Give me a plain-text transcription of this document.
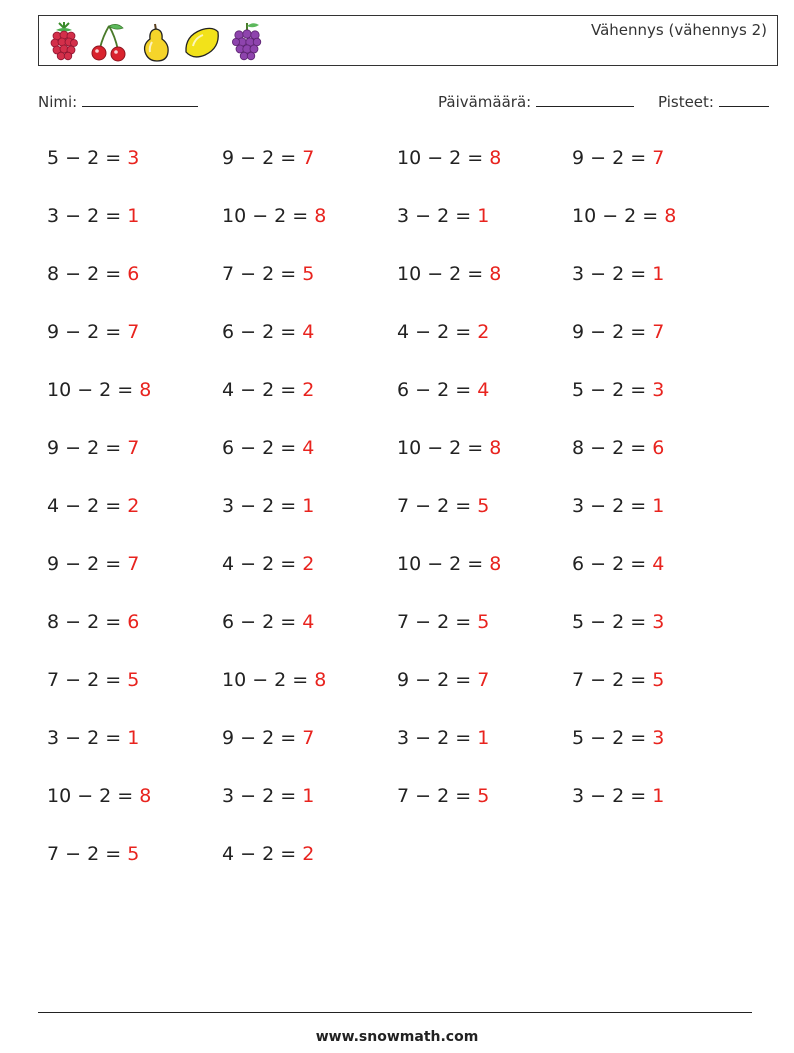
Vähennys (vähennys 2)
Nimi:	Päivämäärä:	Pisteet:
5 − 2 = 3	9 − 2 = 7	10 − 2 = 8	9 − 2 = 7
3 − 2 = 1	10 − 2 = 8	3 − 2 = 1	10 − 2 = 8
8 − 2 = 6	7 − 2 = 5	10 − 2 = 8	3 − 2 = 1
9 − 2 = 7	6 − 2 = 4	4 − 2 = 2	9 − 2 = 7
10 − 2 = 8	4 − 2 = 2	6 − 2 = 4	5 − 2 = 3
9 − 2 = 7	6 − 2 = 4	10 − 2 = 8	8 − 2 = 6
4 − 2 = 2	3 − 2 = 1	7 − 2 = 5	3 − 2 = 1
9 − 2 = 7	4 − 2 = 2	10 − 2 = 8	6 − 2 = 4
8 − 2 = 6	6 − 2 = 4	7 − 2 = 5	5 − 2 = 3
7 − 2 = 5	10 − 2 = 8	9 − 2 = 7	7 − 2 = 5
3 − 2 = 1	9 − 2 = 7	3 − 2 = 1	5 − 2 = 3
10 − 2 = 8	3 − 2 = 1	7 − 2 = 5	3 − 2 = 1
7 − 2 = 5	4 − 2 = 2
www.snowmath.com
